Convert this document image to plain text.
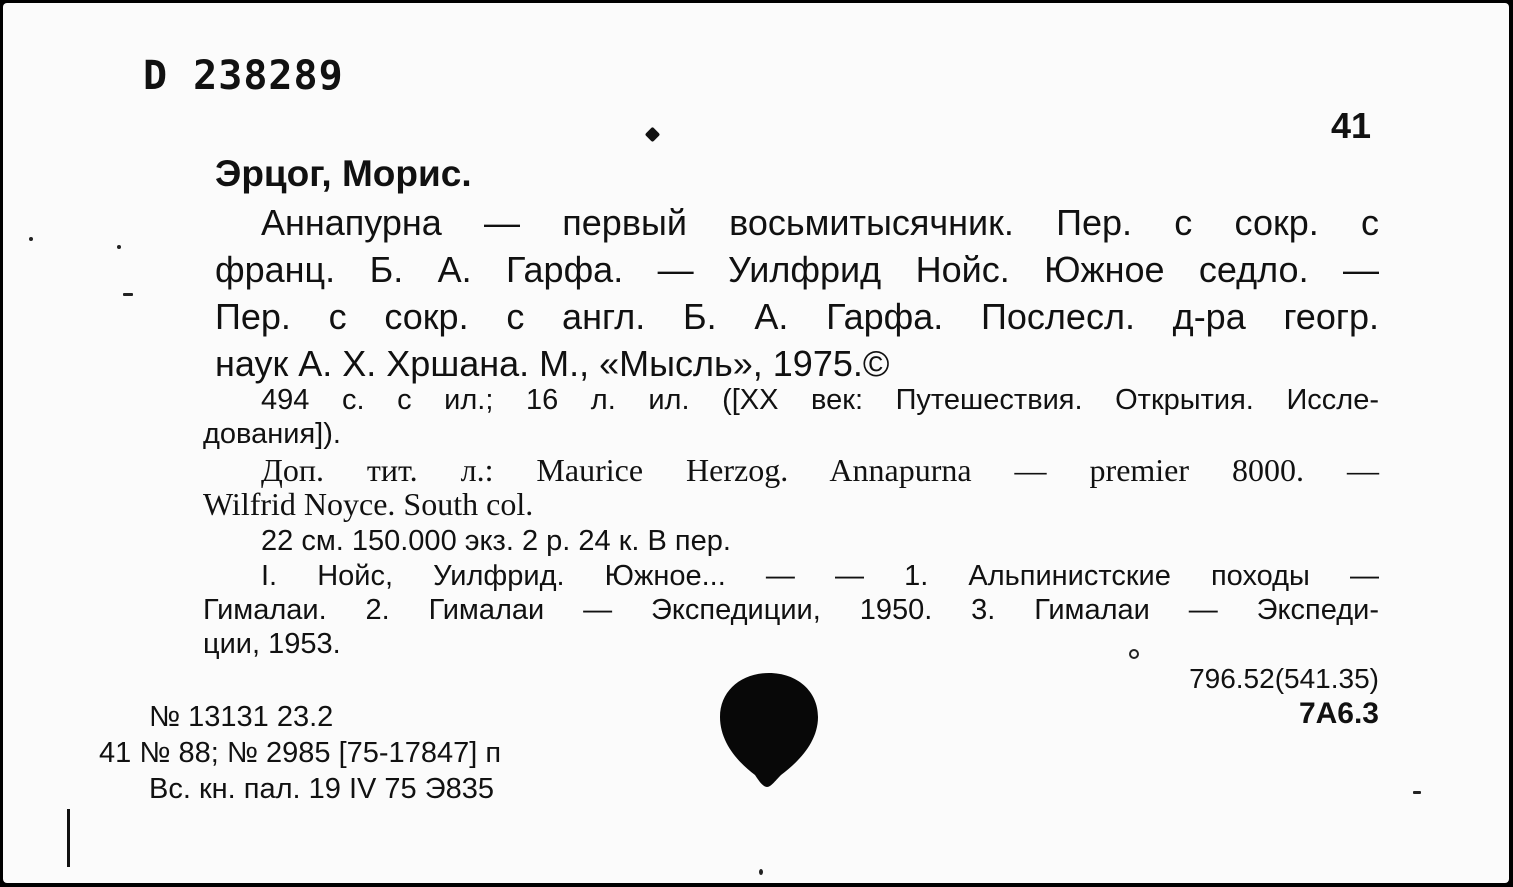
D 238289
41
Эрцог, Морис.
Аннапурна — первый восьмитысячник. Пер. с сокр. с
франц. Б. А. Гарфа. — Уилфрид Нойс. Южное седло. —
Пер. с сокр. с англ. Б. А. Гарфа. Послесл. д-ра геогр.
наук А. Х. Хршана. М., «Мысль», 1975.©
494 с. с ил.; 16 л. ил. ([XX век: Путешествия. Открытия. Иссле-
дования]).
Доп. тит. л.: Maurice Herzog. Annapurna — premier 8000. —
Wilfrid Noyce. South col.
22 см. 150.000 экз. 2 р. 24 к. В пер.
I. Нойс, Уилфрид. Южное... — — 1. Альпинистские походы —
Гималаи. 2. Гималаи — Экспедиции, 1950. 3. Гималаи — Экспеди-
ции, 1953.
796.52(541.35)
7А6.3
№ 13131 23.2
41 № 88; № 2985 [75-17847] п
Вс. кн. пал. 19 IV 75 Э835
